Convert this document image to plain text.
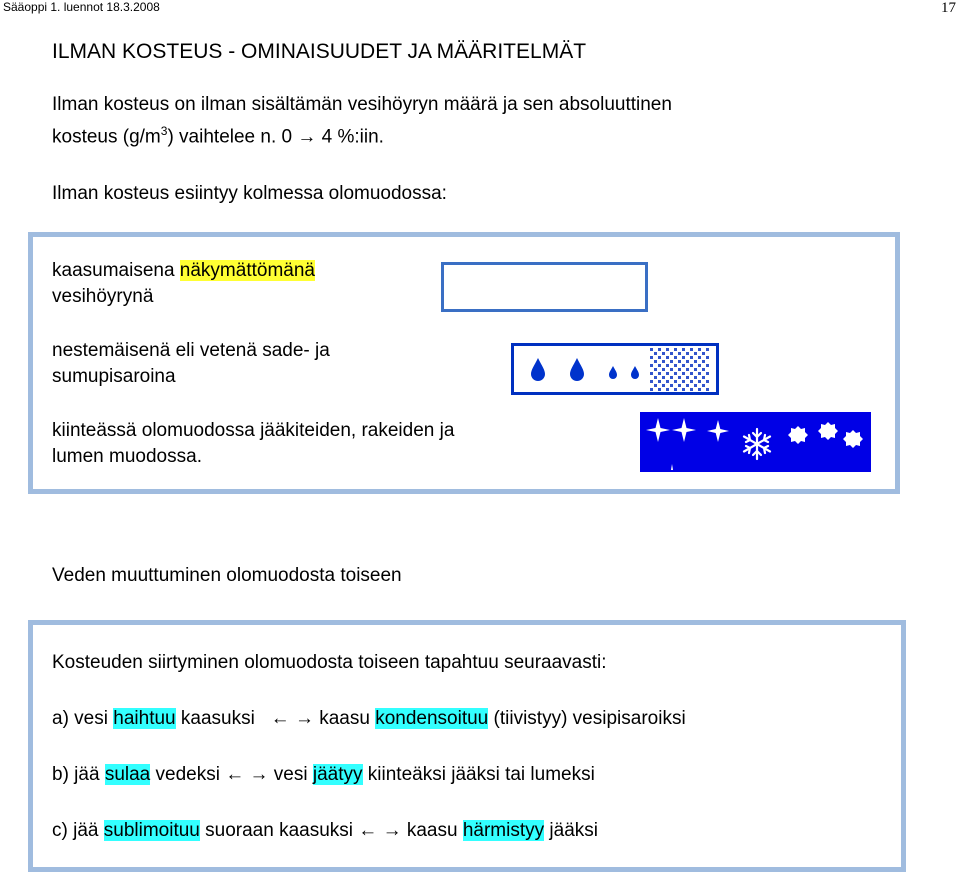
Sääoppi 1. luennot 18.3.2008	17
ILMAN KOSTEUS - OMINAISUUDET JA MÄÄRITELMÄT
Ilman kosteus on ilman sisältämän vesihöyryn määrä ja sen absoluuttinen
kosteus $(g/m^3)$ vaihtelee n. 0 → 4 %:iin.
Ilman kosteus esiintyy kolmessa olomuodossa:
kaasumaisena näkymättömänä
vesihöyrynä
nestemäisenä eli vetenä sade- ja
sumupisaroina
kiinteässä olomuodossa jääkiteiden, rakeiden ja
lumen muodossa.
Veden muuttuminen olomuodosta toiseen
Kosteuden siirtyminen olomuodosta toiseen tapahtuu seuraavasti:
a) vesi haihtuu kaasuksi   ← → kaasu kondensoituu (tiivistyy) vesipisaroiksi
b) jää sulaa vedeksi ← → vesi jäätyy kiinteäksi jääksi tai lumeksi
c) jää sublimoituu suoraan kaasuksi ← → kaasu härmistyy jääksi
